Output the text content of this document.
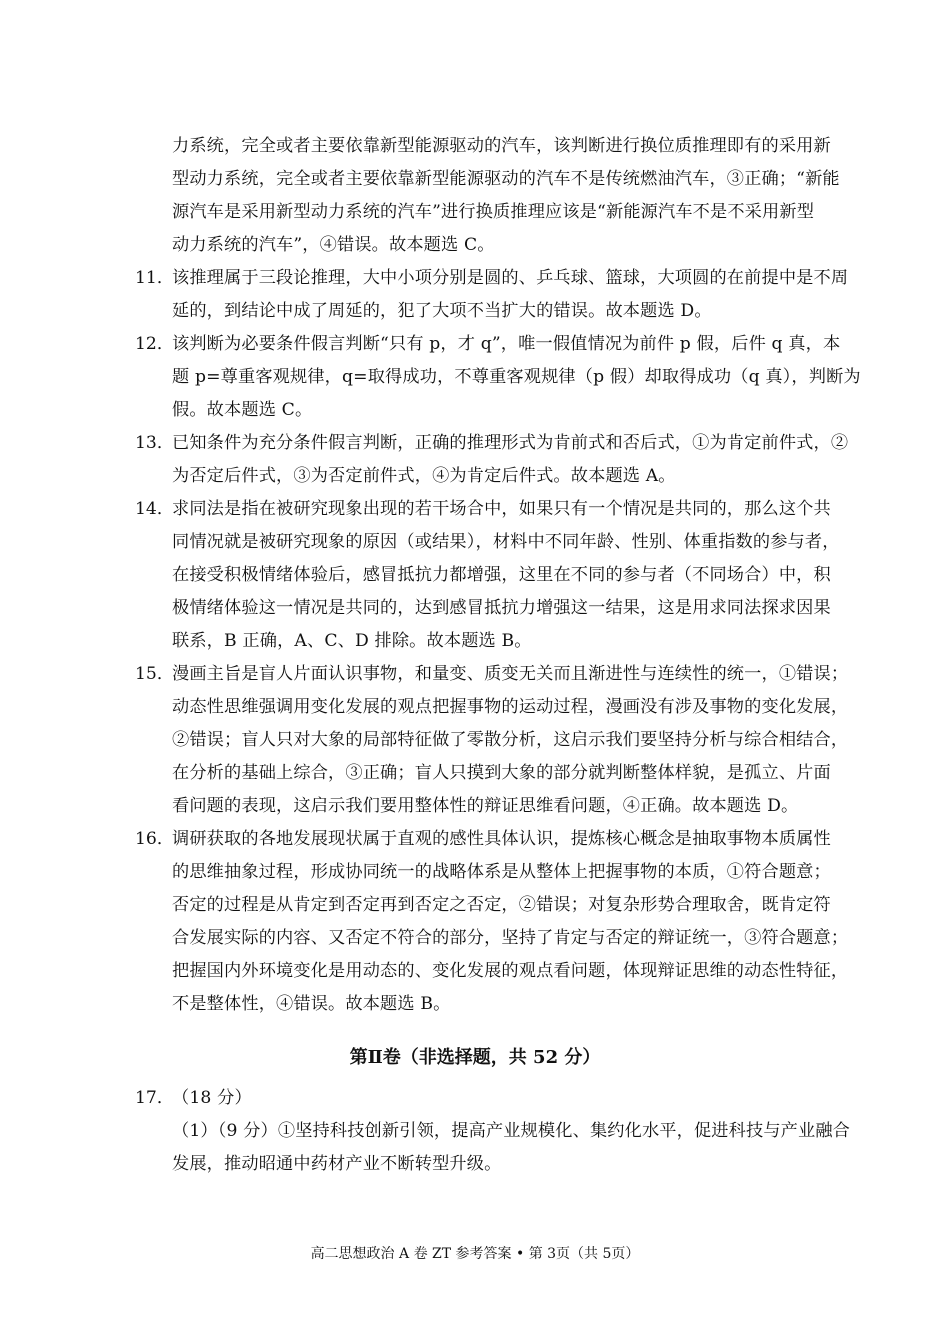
力系统，完全或者主要依靠新型能源驱动的汽车，该判断进行换位质推理即有的采用新
型动力系统，完全或者主要依靠新型能源驱动的汽车不是传统燃油汽车，③正确；“新能
源汽车是采用新型动力系统的汽车”进行换质推理应该是“新能源汽车不是不采用新型
动力系统的汽车”，④错误。故本题选 C。
11．
该推理属于三段论推理，大中小项分别是圆的、乒乓球、篮球，大项圆的在前提中是不周
延的，到结论中成了周延的，犯了大项不当扩大的错误。故本题选 D。
12．
该判断为必要条件假言判断“只有 p，才 q”，唯一假值情况为前件 p 假，后件 q 真，本
题 p=尊重客观规律，q=取得成功，不尊重客观规律（p 假）却取得成功（q 真），判断为
假。故本题选 C。
13．
已知条件为充分条件假言判断，正确的推理形式为肯前式和否后式，①为肯定前件式，②
为否定后件式，③为否定前件式，④为肯定后件式。故本题选 A。
14．
求同法是指在被研究现象出现的若干场合中，如果只有一个情况是共同的，那么这个共
同情况就是被研究现象的原因（或结果），材料中不同年龄、性别、体重指数的参与者，
在接受积极情绪体验后，感冒抵抗力都增强，这里在不同的参与者（不同场合）中，积
极情绪体验这一情况是共同的，达到感冒抵抗力增强这一结果，这是用求同法探求因果
联系，B 正确，A、C、D 排除。故本题选 B。
15．
漫画主旨是盲人片面认识事物，和量变、质变无关而且渐进性与连续性的统一，①错误；
动态性思维强调用变化发展的观点把握事物的运动过程，漫画没有涉及事物的变化发展，
②错误；盲人只对大象的局部特征做了零散分析，这启示我们要坚持分析与综合相结合，
在分析的基础上综合，③正确；盲人只摸到大象的部分就判断整体样貌，是孤立、片面
看问题的表现，这启示我们要用整体性的辩证思维看问题，④正确。故本题选 D。
16．
调研获取的各地发展现状属于直观的感性具体认识，提炼核心概念是抽取事物本质属性
的思维抽象过程，形成协同统一的战略体系是从整体上把握事物的本质，①符合题意；
否定的过程是从肯定到否定再到否定之否定，②错误；对复杂形势合理取舍，既肯定符
合发展实际的内容、又否定不符合的部分，坚持了肯定与否定的辩证统一，③符合题意；
把握国内外环境变化是用动态的、变化发展的观点看问题，体现辩证思维的动态性特征，
不是整体性，④错误。故本题选 B。
第Ⅱ卷（非选择题，共 52 分）
17．
（18 分）
（1）（9 分）①坚持科技创新引领，提高产业规模化、集约化水平，促进科技与产业融合
发展，推动昭通中药材产业不断转型升级。
高二思想政治 A 卷 ZT 参考答案 • 第 3页（共 5页）
